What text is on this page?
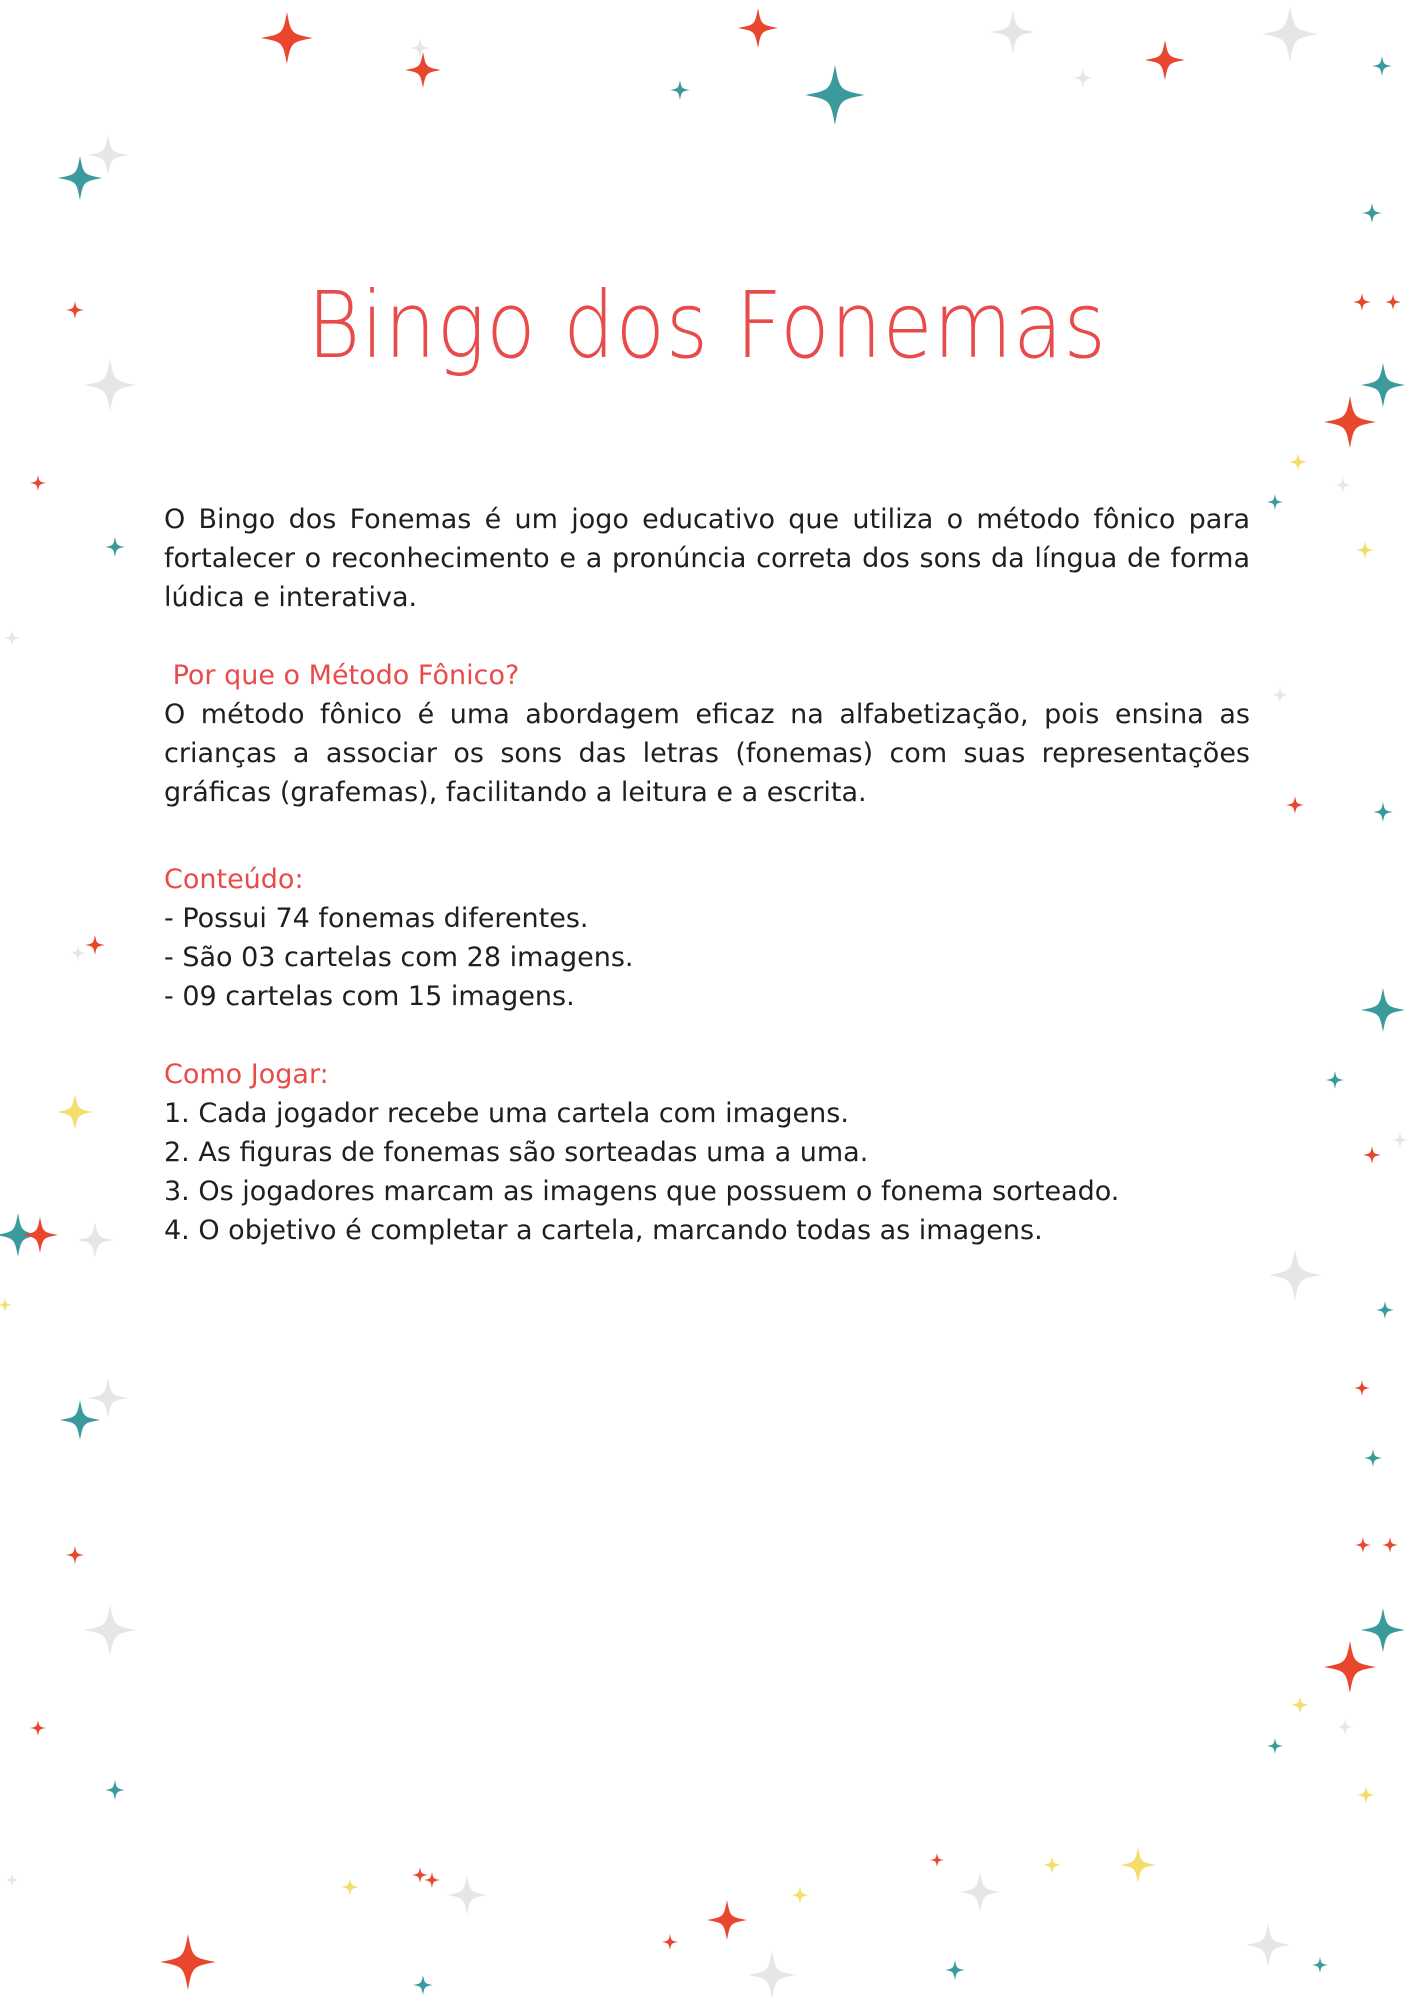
Bingo dos Fonemas

O Bingo dos Fonemas é um jogo educativo que utiliza o método fônico para fortalecer o reconhecimento e a pronúncia correta dos sons da língua de forma lúdica e interativa.

Por que o Método Fônico?

O método fônico é uma abordagem eficaz na alfabetização, pois ensina as crianças a associar os sons das letras (fonemas) com suas representações gráficas (grafemas), facilitando a leitura e a escrita.

Conteúdo:

- Possui 74 fonemas diferentes.

- São 03 cartelas com 28 imagens.

- 09 cartelas com 15 imagens.

Como Jogar:

1. Cada jogador recebe uma cartela com imagens.

2. As figuras de fonemas são sorteadas uma a uma.

3. Os jogadores marcam as imagens que possuem o fonema sorteado.

4. O objetivo é completar a cartela, marcando todas as imagens.
